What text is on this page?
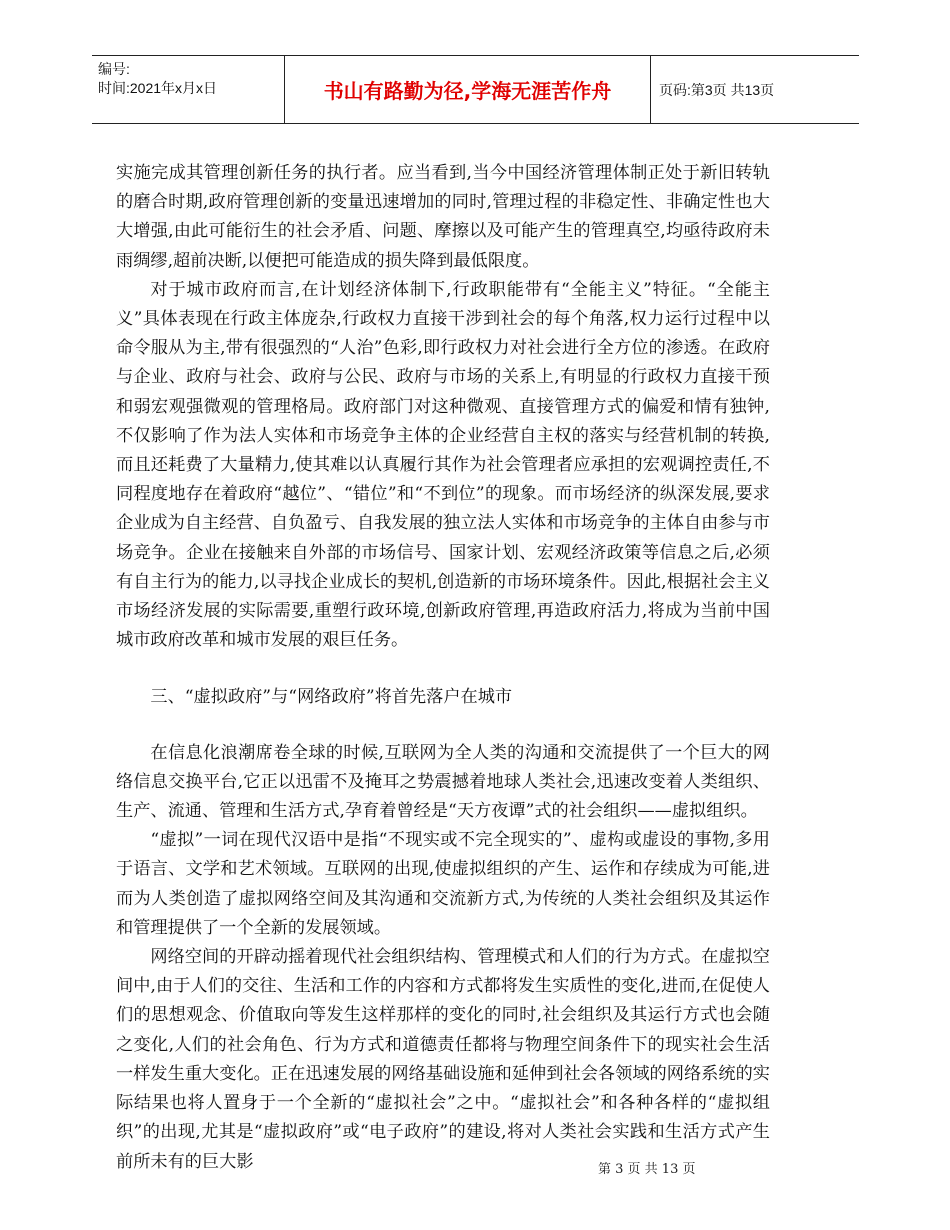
编号:
时间:2021年x月x日	书山有路勤为径,学海无涯苦作舟	页码:第3页 共13页

实施完成其管理创新任务的执行者。应当看到,当今中国经济管理体制正处于新旧转轨的磨合时期,政府管理创新的变量迅速增加的同时,管理过程的非稳定性、非确定性也大大增强,由此可能衍生的社会矛盾、问题、摩擦以及可能产生的管理真空,均亟待政府未雨绸缪,超前决断,以便把可能造成的损失降到最低限度。

对于城市政府而言,在计划经济体制下,行政职能带有“全能主义”特征。“全能主义”具体表现在行政主体庞杂,行政权力直接干涉到社会的每个角落,权力运行过程中以命令服从为主,带有很强烈的“人治”色彩,即行政权力对社会进行全方位的渗透。在政府与企业、政府与社会、政府与公民、政府与市场的关系上,有明显的行政权力直接干预和弱宏观强微观的管理格局。政府部门对这种微观、直接管理方式的偏爱和情有独钟,不仅影响了作为法人实体和市场竞争主体的企业经营自主权的落实与经营机制的转换,而且还耗费了大量精力,使其难以认真履行其作为社会管理者应承担的宏观调控责任,不同程度地存在着政府“越位”、“错位”和“不到位”的现象。而市场经济的纵深发展,要求企业成为自主经营、自负盈亏、自我发展的独立法人实体和市场竞争的主体自由参与市场竞争。企业在接触来自外部的市场信号、国家计划、宏观经济政策等信息之后,必须有自主行为的能力,以寻找企业成长的契机,创造新的市场环境条件。因此,根据社会主义市场经济发展的实际需要,重塑行政环境,创新政府管理,再造政府活力,将成为当前中国城市政府改革和城市发展的艰巨任务。

三、“虚拟政府”与“网络政府”将首先落户在城市

在信息化浪潮席卷全球的时候,互联网为全人类的沟通和交流提供了一个巨大的网络信息交换平台,它正以迅雷不及掩耳之势震撼着地球人类社会,迅速改变着人类组织、生产、流通、管理和生活方式,孕育着曾经是“天方夜谭”式的社会组织——虚拟组织。

“虚拟”一词在现代汉语中是指“不现实或不完全现实的”、虚构或虚设的事物,多用于语言、文学和艺术领域。互联网的出现,使虚拟组织的产生、运作和存续成为可能,进而为人类创造了虚拟网络空间及其沟通和交流新方式,为传统的人类社会组织及其运作和管理提供了一个全新的发展领域。

网络空间的开辟动摇着现代社会组织结构、管理模式和人们的行为方式。在虚拟空间中,由于人们的交往、生活和工作的内容和方式都将发生实质性的变化,进而,在促使人们的思想观念、价值取向等发生这样那样的变化的同时,社会组织及其运行方式也会随之变化,人们的社会角色、行为方式和道德责任都将与物理空间条件下的现实社会生活一样发生重大变化。正在迅速发展的网络基础设施和延伸到社会各领域的网络系统的实际结果也将人置身于一个全新的“虚拟社会”之中。“虚拟社会”和各种各样的“虚拟组织”的出现,尤其是“虚拟政府”或“电子政府”的建设,将对人类社会实践和生活方式产生前所未有的巨大影	第 3 页 共 13 页
